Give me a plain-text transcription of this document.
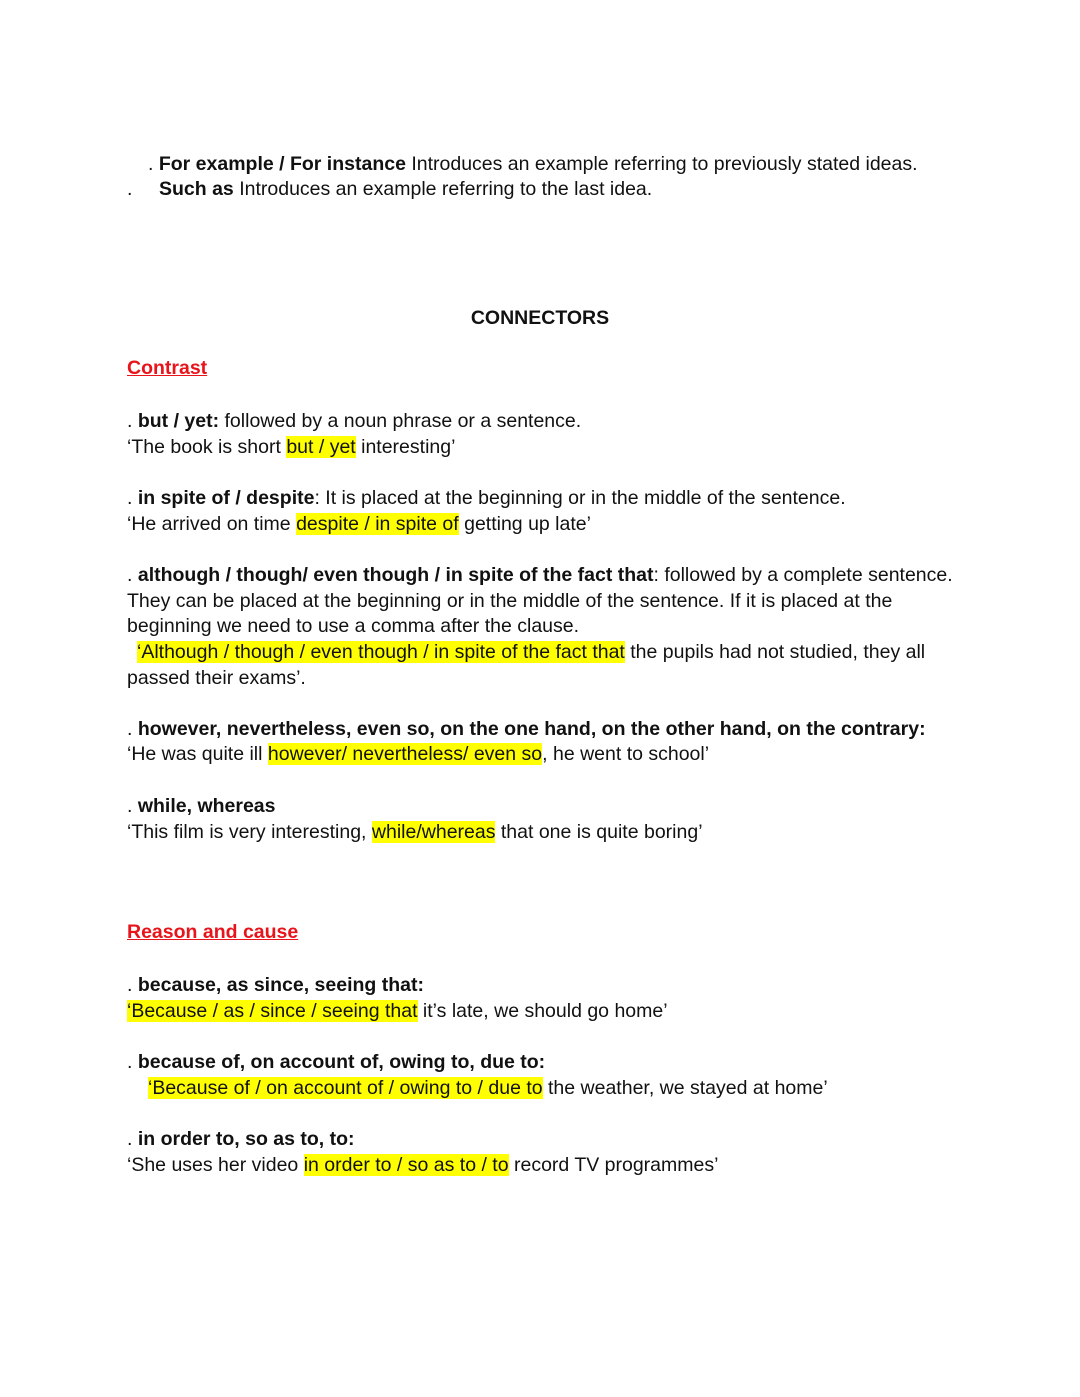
. For example / For instance Introduces an example referring to previously stated ideas.
. Such as Introduces an example referring to the last idea.
CONNECTORS
Contrast
. but / yet: followed by a noun phrase or a sentence.
‘The book is short but / yet interesting’
. in spite of / despite: It is placed at the beginning or in the middle of the sentence.
‘He arrived on time despite / in spite of getting up late’
. although / though/ even though / in spite of the fact that: followed by a complete sentence.
They can be placed at the beginning or in the middle of the sentence. If it is placed at the
beginning we need to use a comma after the clause.
‘Although / though / even though / in spite of the fact that the pupils had not studied, they all
passed their exams’.
. however, nevertheless, even so, on the one hand, on the other hand, on the contrary:
‘He was quite ill however/ nevertheless/ even so, he went to school’
. while, whereas
‘This film is very interesting, while/whereas that one is quite boring’
Reason and cause
. because, as since, seeing that:
‘Because / as / since / seeing that it’s late, we should go home’
. because of, on account of, owing to, due to:
‘Because of / on account of / owing to / due to the weather, we stayed at home’
. in order to, so as to, to:
‘She uses her video in order to / so as to / to record TV programmes’
